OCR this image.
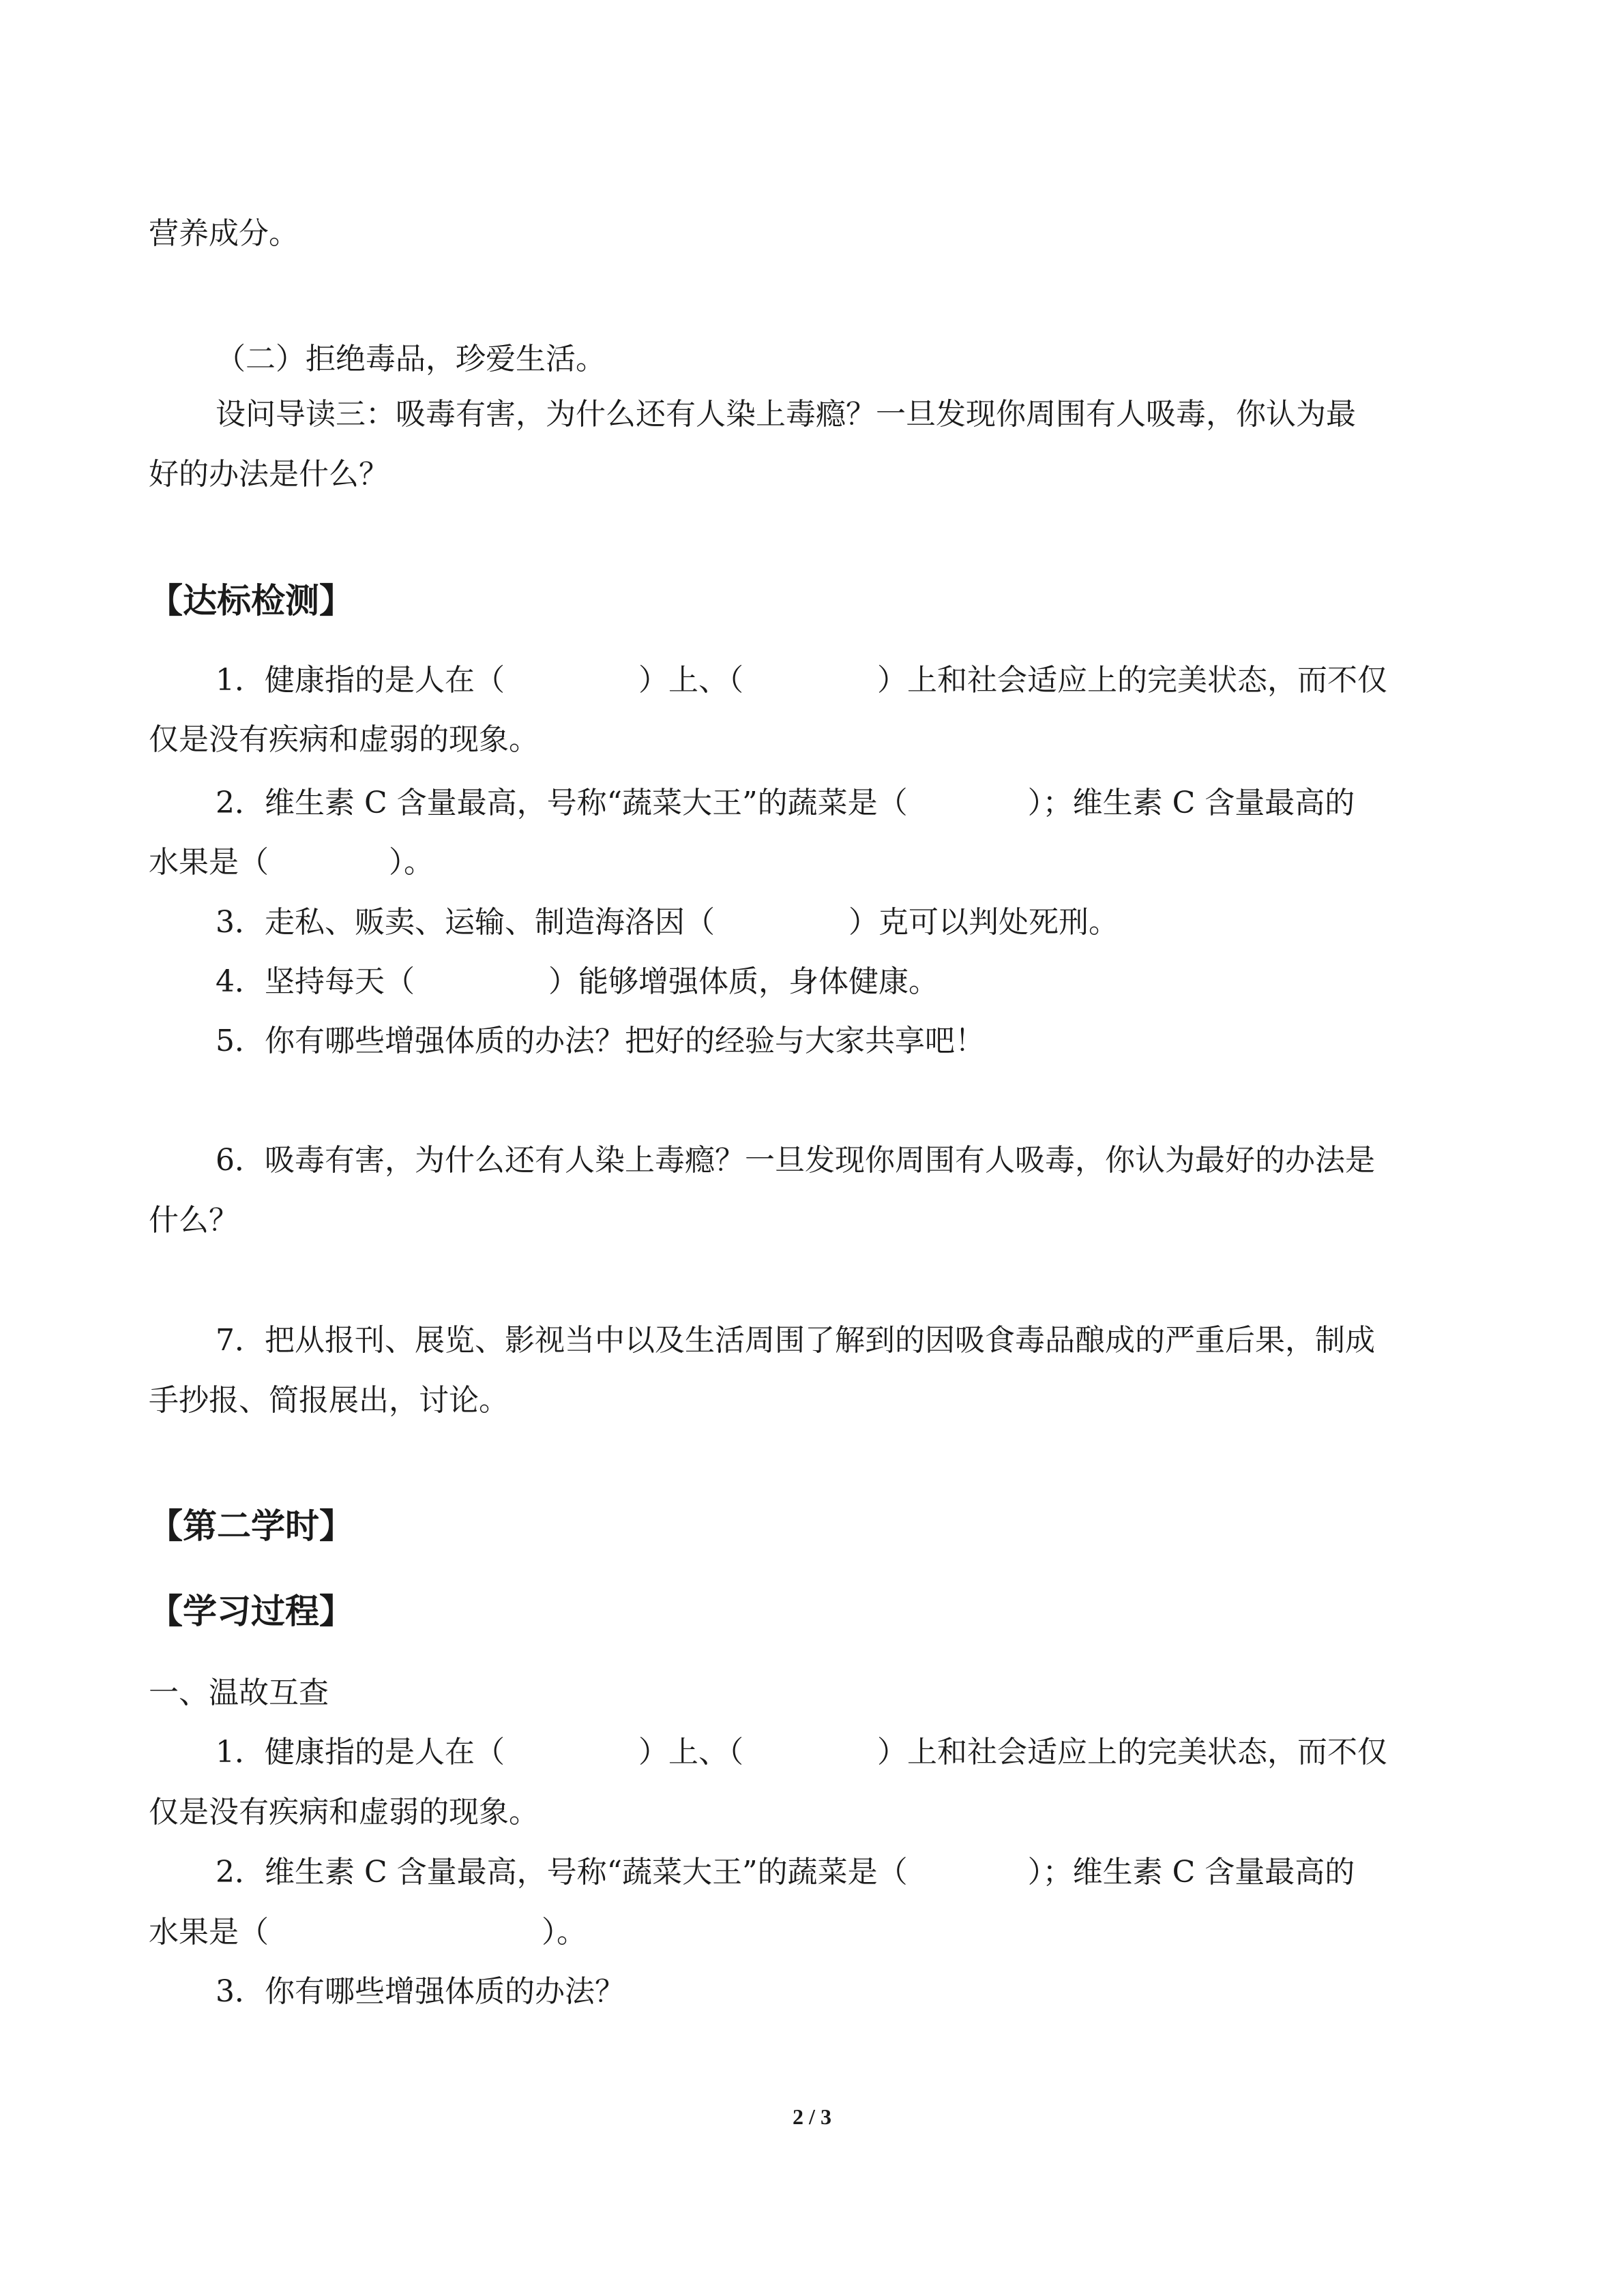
营养成分。
（二）拒绝毒品，珍爱生活。
设问导读三：吸毒有害，为什么还有人染上毒瘾？一旦发现你周围有人吸毒，你认为最
好的办法是什么？
【达标检测】
1．健康指的是人在（	）上、（	）上和社会适应上的完美状态，而不仅
仅是没有疾病和虚弱的现象。
2．维生素 C 含量最高，号称“蔬菜大王”的蔬菜是（	）；维生素 C 含量最高的
水果是（	）。
3．走私、贩卖、运输、制造海洛因（	）克可以判处死刑。
4．坚持每天（	）能够增强体质，身体健康。
5．你有哪些增强体质的办法？把好的经验与大家共享吧！
6．吸毒有害，为什么还有人染上毒瘾？一旦发现你周围有人吸毒，你认为最好的办法是
什么？
7．把从报刊、展览、影视当中以及生活周围了解到的因吸食毒品酿成的严重后果，制成
手抄报、简报展出，讨论。
【第二学时】
【学习过程】
一、温故互查
1．健康指的是人在（	）上、（	）上和社会适应上的完美状态，而不仅
仅是没有疾病和虚弱的现象。
2．维生素 C 含量最高，号称“蔬菜大王”的蔬菜是（	）；维生素 C 含量最高的
水果是（	）。
3．你有哪些增强体质的办法？
2 / 3
